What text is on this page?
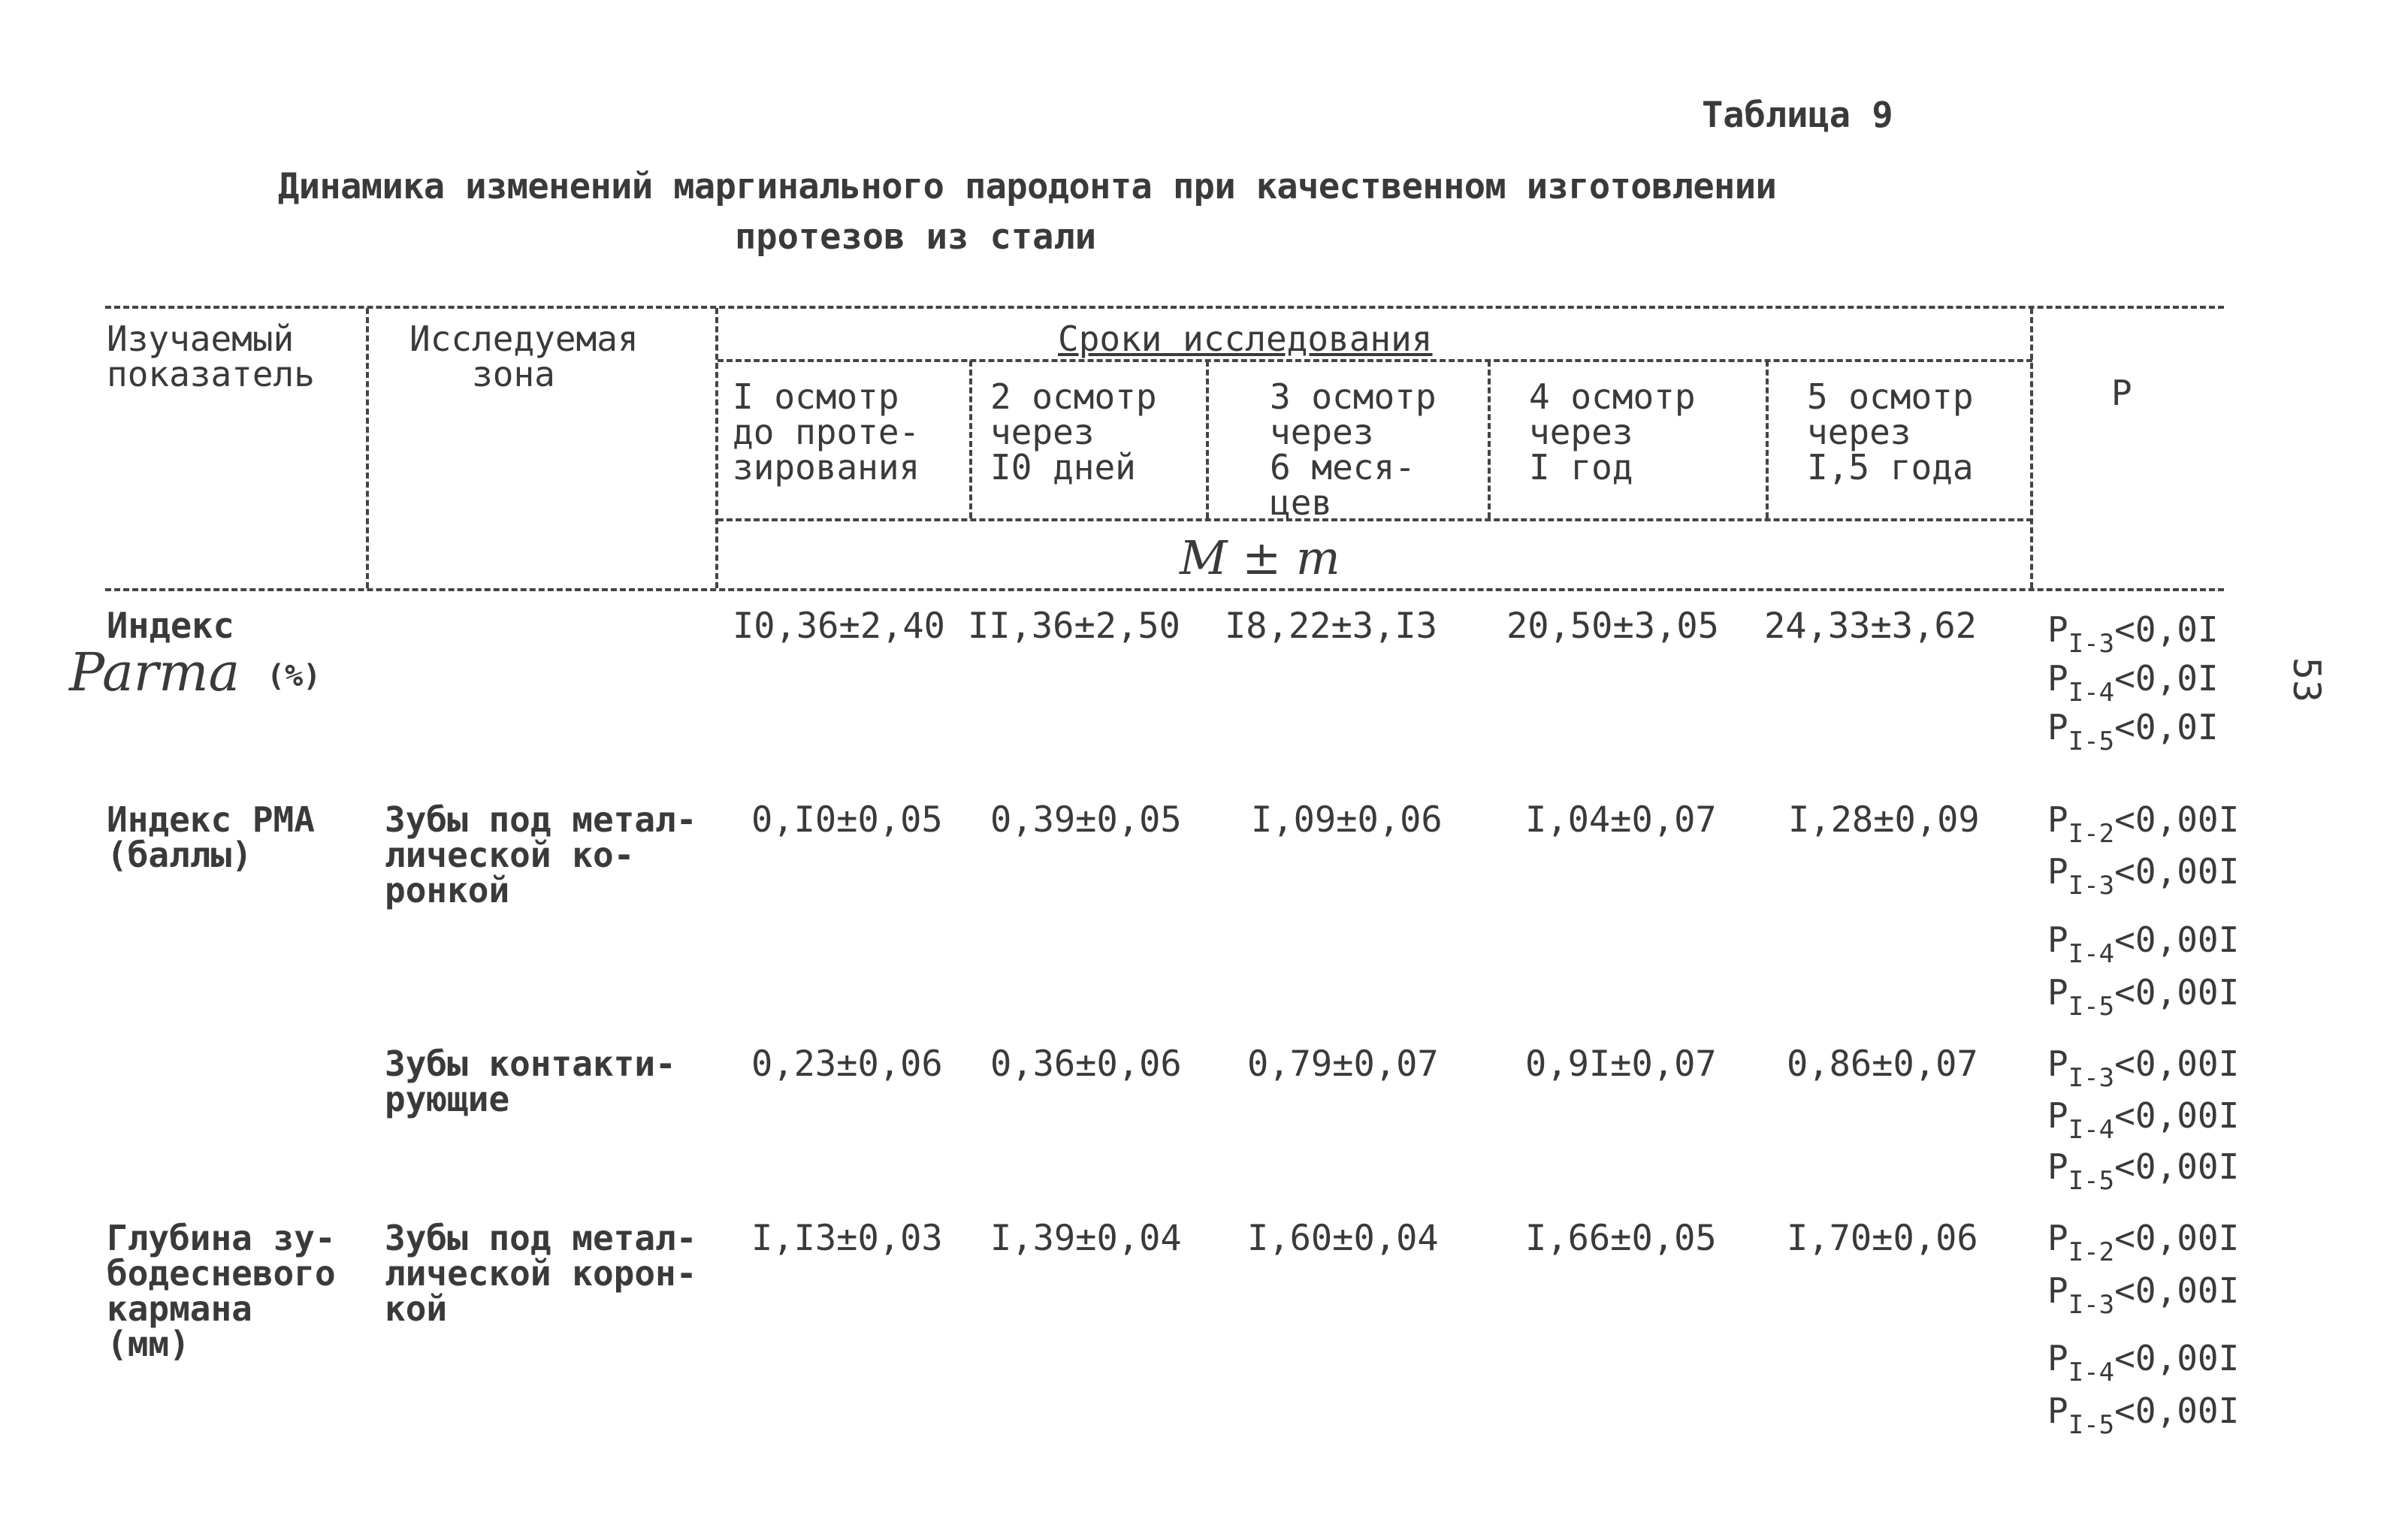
Таблица 9
Динамика изменений маргинального пародонта при качественном изготовлении
протезов из стали
53
Изучаемый
показатель
Исследуемая
зона
Сроки исследования
Р
I осмотр
до проте-
зирования
2 осмотр
через
I0 дней
3 осмотр
через
6 меся-
цев
4 осмотр
через
I год
5 осмотр
через
I,5 года
M ± m
Индекс
Parma (%)
I0,36±2,40 II,36±2,50 I8,22±3,I3 20,50±3,05 24,33±3,62 $P_{I-3}<0,0I$
$P_{I-4}<0,0I$
$P_{I-5}<0,0I$
Индекс РМА
(баллы)
Зубы под метал-
лической ко-
ронкой
0,I0±0,05 0,39±0,05 I,09±0,06 I,04±0,07 I,28±0,09 $P_{I-2}<0,00I$
$P_{I-3}<0,00I$
$P_{I-4}<0,00I$
$P_{I-5}<0,00I$
Зубы контакти-
рующие
0,23±0,06 0,36±0,06 0,79±0,07 0,9I±0,07 0,86±0,07 $P_{I-3}<0,00I$
$P_{I-4}<0,00I$
$P_{I-5}<0,00I$
Глубина зу-
бодесневого
кармана
(мм)
Зубы под метал-
лической корон-
кой
I,I3±0,03 I,39±0,04 I,60±0,04 I,66±0,05 I,70±0,06 $P_{I-2}<0,00I$
$P_{I-3}<0,00I$
$P_{I-4}<0,00I$
$P_{I-5}<0,00I$
